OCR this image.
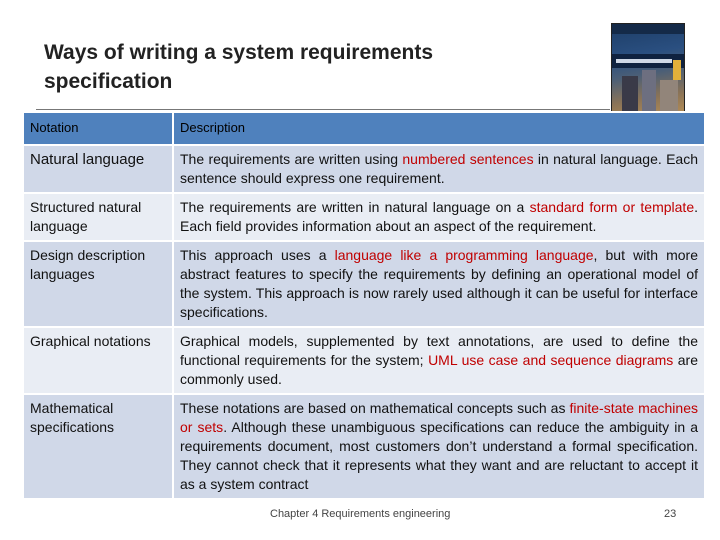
Ways of writing a system requirements specification
Notation	Description
Natural language	The requirements are written using numbered sentences in natural language. Each sentence should express one requirement.
Structured natural language	The requirements are written in natural language on a standard form or template. Each field provides information about an aspect of the requirement.
Design description languages	This approach uses a language like a programming language, but with more abstract features to specify the requirements by defining an operational model of the system. This approach is now rarely used although it can be useful for interface specifications.
Graphical notations	Graphical models, supplemented by text annotations, are used to define the functional requirements for the system; UML use case and sequence diagrams are commonly used.
Mathematical specifications	These notations are based on mathematical concepts such as finite-state machines or sets. Although these unambiguous specifications can reduce the ambiguity in a requirements document, most customers don’t understand a formal specification. They cannot check that it represents what they want and are reluctant to accept it as a system contract
Chapter 4 Requirements engineering	23
